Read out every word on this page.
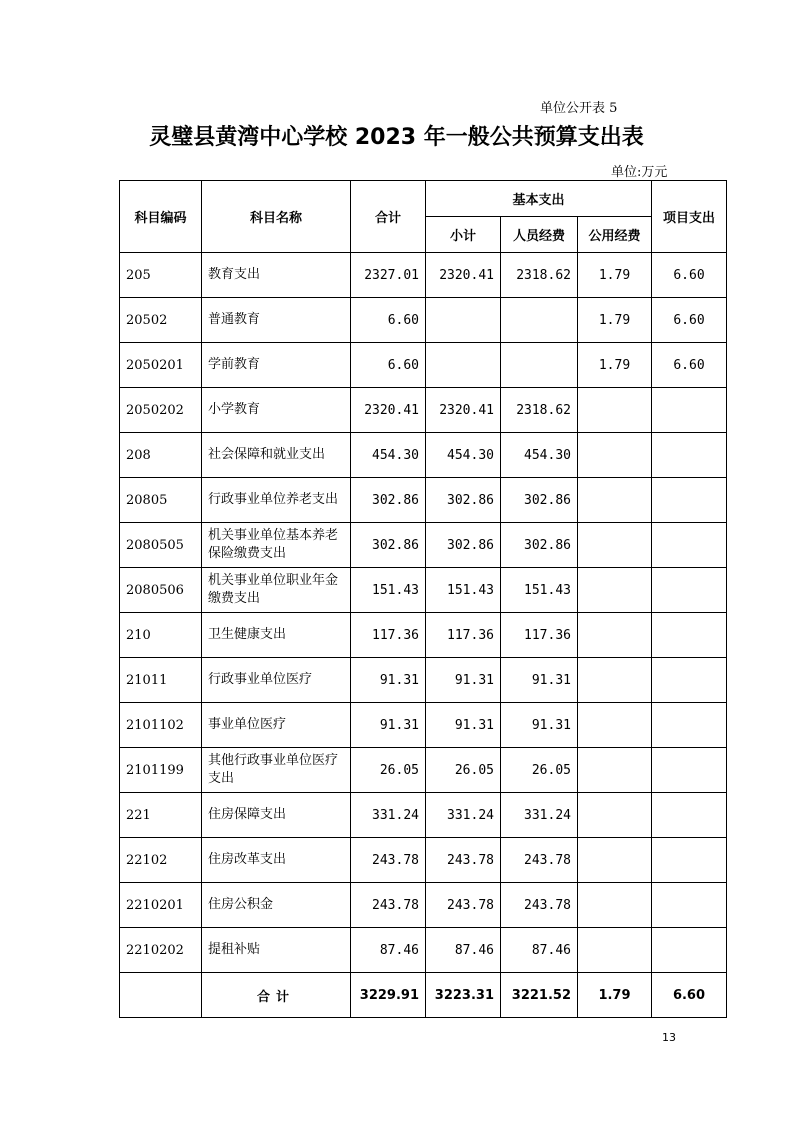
单位公开表 5
灵璧县黄湾中心学校 2023 年一般公共预算支出表
单位:万元
科目编码	科目名称	合计	基本支出			项目支出
			小计	人员经费	公用经费	
205	教育支出	2327.01	2320.41	2318.62	1.79	6.60
20502	普通教育	6.60			1.79	6.60
2050201	学前教育	6.60			1.79	6.60
2050202	小学教育	2320.41	2320.41	2318.62		
208	社会保障和就业支出	454.30	454.30	454.30		
20805	行政事业单位养老支出	302.86	302.86	302.86		
2080505	机关事业单位基本养老保险缴费支出	302.86	302.86	302.86		
2080506	机关事业单位职业年金缴费支出	151.43	151.43	151.43		
210	卫生健康支出	117.36	117.36	117.36		
21011	行政事业单位医疗	91.31	91.31	91.31		
2101102	事业单位医疗	91.31	91.31	91.31		
2101199	其他行政事业单位医疗支出	26.05	26.05	26.05		
221	住房保障支出	331.24	331.24	331.24		
22102	住房改革支出	243.78	243.78	243.78		
2210201	住房公积金	243.78	243.78	243.78		
2210202	提租补贴	87.46	87.46	87.46		
	合计	3229.91	3223.31	3221.52	1.79	6.60
13
